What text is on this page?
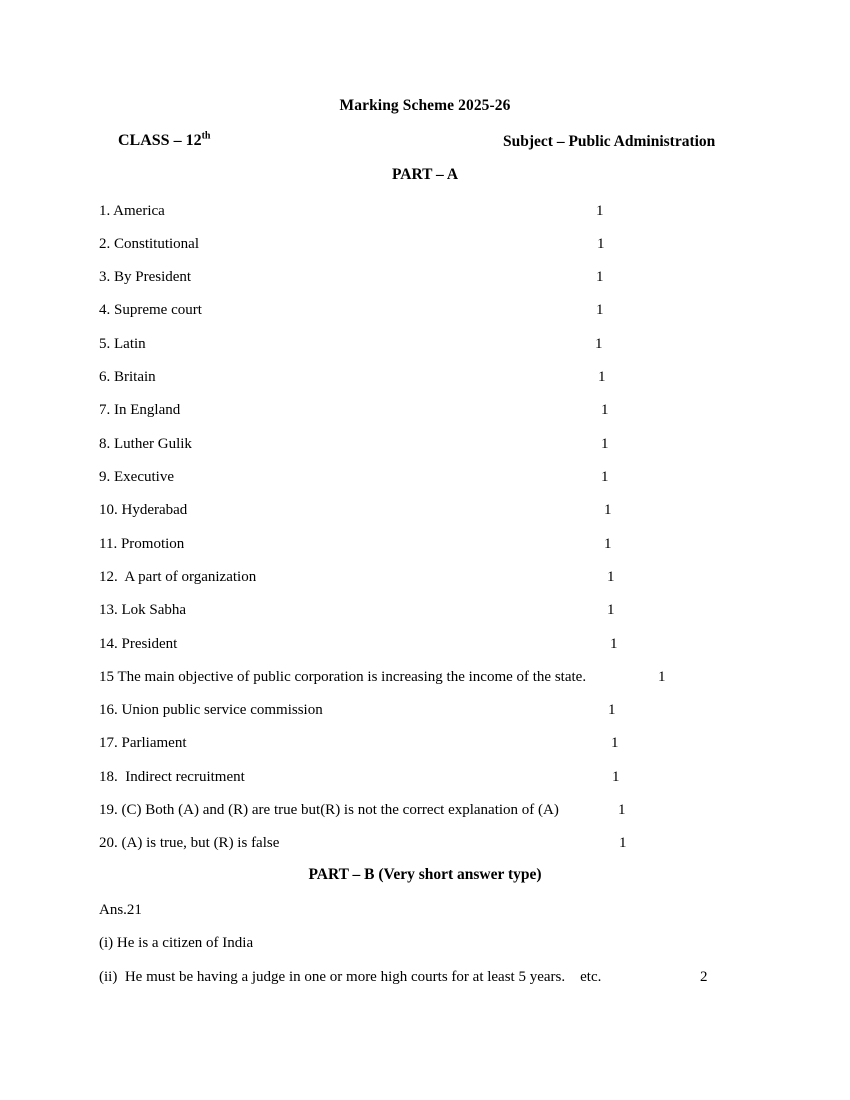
Marking Scheme 2025-26
CLASS – 12th	Subject – Public Administration
PART – A
1. America	1
2. Constitutional	1
3. By President	1
4. Supreme court	1
5. Latin	1
6. Britain	1
7. In England	1
8. Luther Gulik	1
9. Executive	1
10. Hyderabad	1
11. Promotion	1
12.  A part of organization	1
13. Lok Sabha	1
14. President	1
15 The main objective of public corporation is increasing the income of the state.	1
16. Union public service commission	1
17. Parliament	1
18.  Indirect recruitment	1
19. (C) Both (A) and (R) are true but(R) is not the correct explanation of (A)	1
20. (A) is true, but (R) is false	1
PART – B (Very short answer type)
Ans.21
(i) He is a citizen of India
(ii)  He must be having a judge in one or more high courts for at least 5 years.    etc.	2
